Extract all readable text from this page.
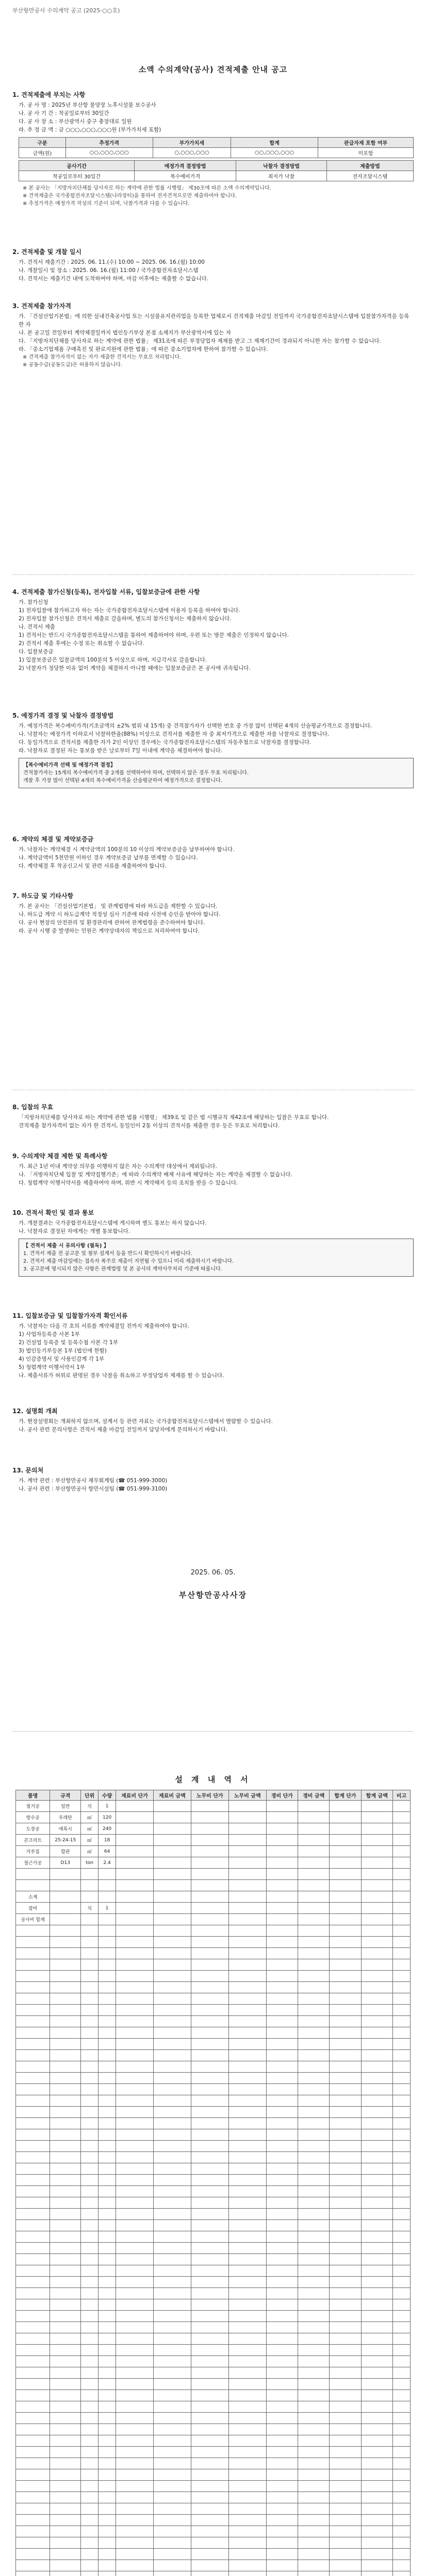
부산항만공사 수의계약 공고 (2025-○○호)
소액 수의계약(공사) 견적제출 안내 공고
1. 견적제출에 부치는 사항
가. 공 사 명 : 2025년 부산항 물양장 노후시설물 보수공사
나. 공 사 기 간 : 착공일로부터 30일간
다. 공 사 장 소 : 부산광역시 중구 충장대로 일원
라. 추 정 금 액 : 금 ○○○,○○○,○○○원 (부가가치세 포함)
구분	추정가격	부가가치세	합계	관급자재 포함 여부
금액(원)	○○,○○○,○○○	○,○○○,○○○	○○,○○○,○○○	미포함
공사기간	예정가격 결정방법	낙찰자 결정방법	제출방법
착공일로부터 30일간	복수예비가격	최저가 낙찰	전자조달시스템
※ 본 공사는 「지방자치단체를 당사자로 하는 계약에 관한 법률 시행령」 제30조에 따른 소액 수의계약입니다.
※ 견적제출은 국가종합전자조달시스템(나라장터)을 통하여 전자견적으로만 제출하여야 합니다.
※ 추정가격은 예정가격 작성의 기준이 되며, 낙찰가격과 다를 수 있습니다.
2. 견적제출 및 개찰 일시
가. 견적서 제출기간 : 2025. 06. 11.(수) 10:00 ~ 2025. 06. 16.(월) 10:00
나. 개찰일시 및 장소 : 2025. 06. 16.(월) 11:00 / 국가종합전자조달시스템
다. 견적서는 제출기간 내에 도착하여야 하며, 마감 이후에는 제출할 수 없습니다.
3. 견적제출 참가자격
가. 「건설산업기본법」에 의한 실내건축공사업 또는 시설물유지관리업을 등록한 업체로서 견적제출 마감일 전일까지 국가종합전자조달시스템에 입찰참가자격을 등록한 자
나. 본 공고일 전일부터 계약체결일까지 법인등기부상 본점 소재지가 부산광역시에 있는 자
다. 「지방자치단체를 당사자로 하는 계약에 관한 법률」 제31조에 따른 부정당업자 제재를 받고 그 제재기간이 경과되지 아니한 자는 참가할 수 없습니다.
라. 「중소기업제품 구매촉진 및 판로지원에 관한 법률」에 따른 중소기업자에 한하여 참가할 수 있습니다.
※ 견적제출 참가자격이 없는 자가 제출한 견적서는 무효로 처리합니다.
※ 공동수급(공동도급)은 허용하지 않습니다.
4. 견적제출 참가신청(등록), 전자입찰 서류, 입찰보증금에 관한 사항
가. 참가신청
1) 전자입찰에 참가하고자 하는 자는 국가종합전자조달시스템에 이용자 등록을 하여야 합니다.
2) 전자입찰 참가신청은 견적서 제출로 갈음하며, 별도의 참가신청서는 제출하지 않습니다.
나. 견적서 제출
1) 견적서는 반드시 국가종합전자조달시스템을 통하여 제출하여야 하며, 우편 또는 방문 제출은 인정하지 않습니다.
2) 견적서 제출 후에는 수정 또는 취소할 수 없습니다.
다. 입찰보증금
1) 입찰보증금은 입찰금액의 100분의 5 이상으로 하며, 지급각서로 갈음합니다.
2) 낙찰자가 정당한 이유 없이 계약을 체결하지 아니할 때에는 입찰보증금은 본 공사에 귀속됩니다.
5. 예정가격 결정 및 낙찰자 결정방법
가. 예정가격은 복수예비가격(기초금액의 ±2% 범위 내 15개) 중 견적참가자가 선택한 번호 중 가장 많이 선택된 4개의 산술평균가격으로 결정합니다.
나. 낙찰자는 예정가격 이하로서 낙찰하한율(88%) 이상으로 견적서를 제출한 자 중 최저가격으로 제출한 자를 낙찰자로 결정합니다.
다. 동일가격으로 견적서를 제출한 자가 2인 이상인 경우에는 국가종합전자조달시스템의 자동추첨으로 낙찰자를 결정합니다.
라. 낙찰자로 결정된 자는 통보를 받은 날로부터 7일 이내에 계약을 체결하여야 합니다.
【복수예비가격 선택 및 예정가격 결정】
견적참가자는 15개의 복수예비가격 중 2개를 선택하여야 하며, 선택하지 않은 경우 무효 처리됩니다.
개찰 후 가장 많이 선택된 4개의 복수예비가격을 산술평균하여 예정가격으로 결정합니다.
6. 계약의 체결 및 계약보증금
가. 낙찰자는 계약체결 시 계약금액의 100분의 10 이상의 계약보증금을 납부하여야 합니다.
나. 계약금액이 5천만원 이하인 경우 계약보증금 납부를 면제할 수 있습니다.
다. 계약체결 후 착공신고서 및 관련 서류를 제출하여야 합니다.
7. 하도급 및 기타사항
가. 본 공사는 「건설산업기본법」 및 관계법령에 따라 하도급을 제한할 수 있습니다.
나. 하도급 계약 시 하도급계약 적정성 심사 기준에 따라 사전에 승인을 받아야 합니다.
다. 공사 현장의 안전관리 및 환경관리에 관하여 관계법령을 준수하여야 합니다.
라. 공사 시행 중 발생하는 민원은 계약상대자의 책임으로 처리하여야 합니다.
8. 입찰의 무효
「지방자치단체를 당사자로 하는 계약에 관한 법률 시행령」 제39조 및 같은 법 시행규칙 제42조에 해당하는 입찰은 무효로 합니다.
견적제출 참가자격이 없는 자가 한 견적서, 동일인이 2통 이상의 견적서를 제출한 경우 등은 무효로 처리합니다.
9. 수의계약 체결 제한 및 특례사항
가. 최근 1년 이내 계약상 의무를 이행하지 않은 자는 수의계약 대상에서 제외됩니다.
나. 「지방자치단체 입찰 및 계약집행기준」에 따라 수의계약 배제 사유에 해당하는 자는 계약을 체결할 수 없습니다.
다. 청렴계약 이행서약서를 제출하여야 하며, 위반 시 계약해지 등의 조치를 받을 수 있습니다.
10. 견적서 확인 및 결과 통보
가. 개찰결과는 국가종합전자조달시스템에 게시하며 별도 통보는 하지 않습니다.
나. 낙찰자로 결정된 자에게는 개별 통보합니다.
【 견적서 제출 시 유의사항 (필독) 】
1. 견적서 제출 전 공고문 및 첨부 설계서 등을 반드시 확인하시기 바랍니다.
2. 견적서 제출 마감일에는 접속자 폭주로 제출이 지연될 수 있으니 미리 제출하시기 바랍니다.
3. 공고문에 명시되지 않은 사항은 관계법령 및 본 공사의 계약사무처리 기준에 따릅니다.
11. 입찰보증금 및 입찰참가자격 확인서류
가. 낙찰자는 다음 각 호의 서류를 계약체결일 전까지 제출하여야 합니다.
1) 사업자등록증 사본 1부
2) 건설업 등록증 및 등록수첩 사본 각 1부
3) 법인등기부등본 1부 (법인에 한함)
4) 인감증명서 및 사용인감계 각 1부
5) 청렴계약 이행서약서 1부
나. 제출서류가 허위로 판명된 경우 낙찰을 취소하고 부정당업자 제재를 할 수 있습니다.
12. 설명회 개최
가. 현장설명회는 개최하지 않으며, 설계서 등 관련 자료는 국가종합전자조달시스템에서 열람할 수 있습니다.
나. 공사 관련 문의사항은 견적서 제출 마감일 전일까지 담당자에게 문의하시기 바랍니다.
13. 문의처
가. 계약 관련 : 부산항만공사 재무회계팀 (☎ 051-999-3000)
나. 공사 관련 : 부산항만공사 항만시설팀 (☎ 051-999-3100)
2025. 06. 05.
부산항만공사사장
설 계 내 역 서
품명	규격	단위	수량	재료비 단가	재료비 금액	노무비 단가	노무비 금액	경비 단가	경비 금액	합계 단가	합계 금액	비고
철거공	일반	식	1									
방수공	우레탄	㎡	120									
도장공	에폭시	㎡	240									
콘크리트	25-24-15	㎥	18									
거푸집	합판	㎡	64									
철근가공	D13	ton	2.4									

소계												
잡비		식	1									
공사비 합계												
